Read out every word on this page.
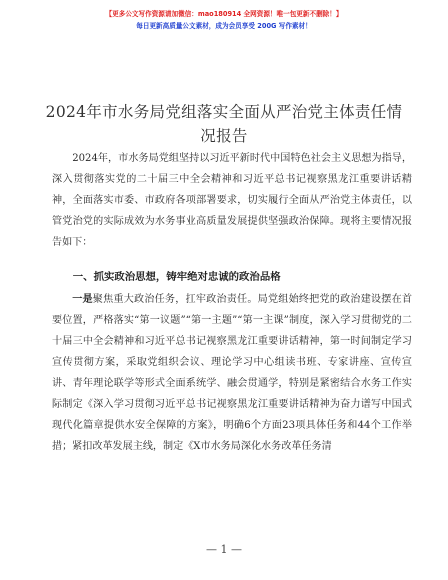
【更多公文写作资源请加微信：mao180914 全网资源！唯一包更新不删除！】
每日更新高质量公文素材，成为会员享受 200G 写作素材！
2024年市水务局党组落实全面从严治党主体责任情况报告

2024年，市水务局党组坚持以习近平新时代中国特色社会主义思想为指导，深入贯彻落实党的二十届三中全会精神和习近平总书记视察黑龙江重要讲话精神，全面落实市委、市政府各项部署要求，切实履行全面从严治党主体责任，以管党治党的实际成效为水务事业高质量发展提供坚强政治保障。现将主要情况报告如下：

一、抓实政治思想，铸牢绝对忠诚的政治品格

一是聚焦重大政治任务，扛牢政治责任。局党组始终把党的政治建设摆在首要位置，严格落实“第一议题”“第一主题”“第一主课”制度，深入学习贯彻党的二十届三中全会精神和习近平总书记视察黑龙江重要讲话精神，第一时间制定学习宣传贯彻方案，采取党组织会议、理论学习中心组读书班、专家讲座、宣传宣讲、青年理论联学等形式全面系统学、融会贯通学，特别是紧密结合水务工作实际制定《深入学习贯彻习近平总书记视察黑龙江重要讲话精神为奋力谱写中国式现代化篇章提供水安全保障的方案》，明确6个方面23项具体任务和44个工作举措；紧扣改革发展主线，制定《X市水务局深化水务改革任务清

— 1 —
